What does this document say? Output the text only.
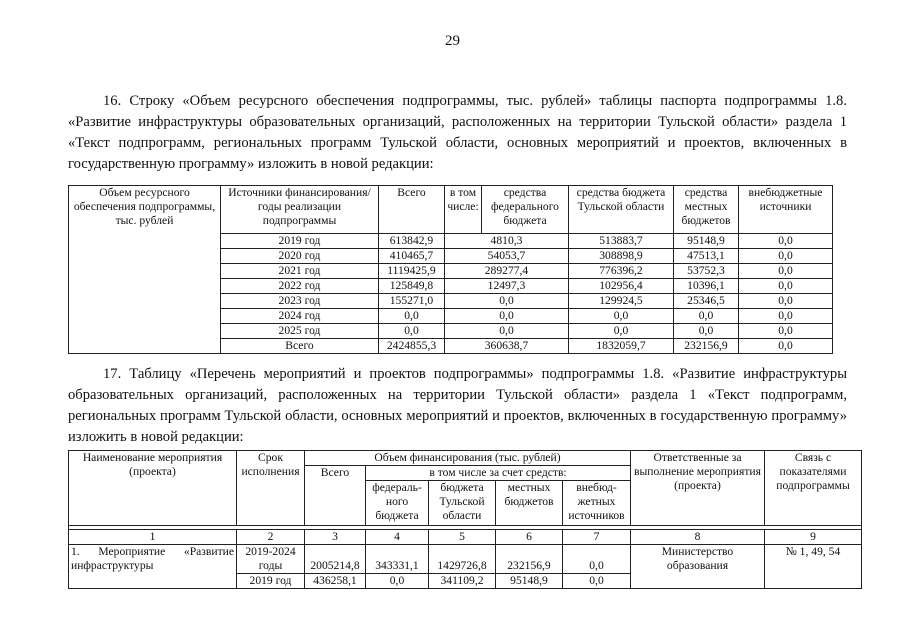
29

16. Строку «Объем ресурсного обеспечения подпрограммы, тыс. рублей» таблицы паспорта подпрограммы 1.8. «Развитие инфраструктуры образовательных организаций, расположенных на территории Тульской области» раздела 1 «Текст подпрограмм, региональных программ Тульской области, основных мероприятий и проектов, включенных в государственную программу» изложить в новой редакции:

Объем ресурсного обеспечения подпрограммы, тыс. рублей	Источники финансирования/годы реализации подпрограммы	Всего	в том числе:	средства федерального бюджета	средства бюджета Тульской области	средства местных бюджетов	внебюджетные источники
	2019 год	613842,9	4810,3		513883,7	95148,9	0,0
	2020 год	410465,7	54053,7		308898,9	47513,1	0,0
	2021 год	1119425,9	289277,4		776396,2	53752,3	0,0
	2022 год	125849,8	12497,3		102956,4	10396,1	0,0
	2023 год	155271,0	0,0		129924,5	25346,5	0,0
	2024 год	0,0	0,0		0,0	0,0	0,0
	2025 год	0,0	0,0		0,0	0,0	0,0
	Всего	2424855,3	360638,7		1832059,7	232156,9	0,0

17. Таблицу «Перечень мероприятий и проектов подпрограммы» подпрограммы 1.8. «Развитие инфраструктуры образовательных организаций, расположенных на территории Тульской области» раздела 1 «Текст подпрограмм, региональных программ Тульской области, основных мероприятий и проектов, включенных в государственную программу» изложить в новой редакции:

Наименование мероприятия (проекта)	Срок исполнения	Объем финансирования (тыс. рублей)					Ответственные за выполнение мероприятия (проекта)	Связь с показателями подпрограммы
		Всего	в том числе за счет средств:					
			федераль-ного бюджета	бюджета Тульской области	местных бюджетов	внебюд-жетных источников		

1	2	3	4	5	6	7	8	9
1. Мероприятие «Развитие инфраструктуры	2019-2024 годы	2005214,8	343331,1	1429726,8	232156,9	0,0	Министерство образования	№ 1, 49, 54
	2019 год	436258,1	0,0	341109,2	95148,9	0,0		
